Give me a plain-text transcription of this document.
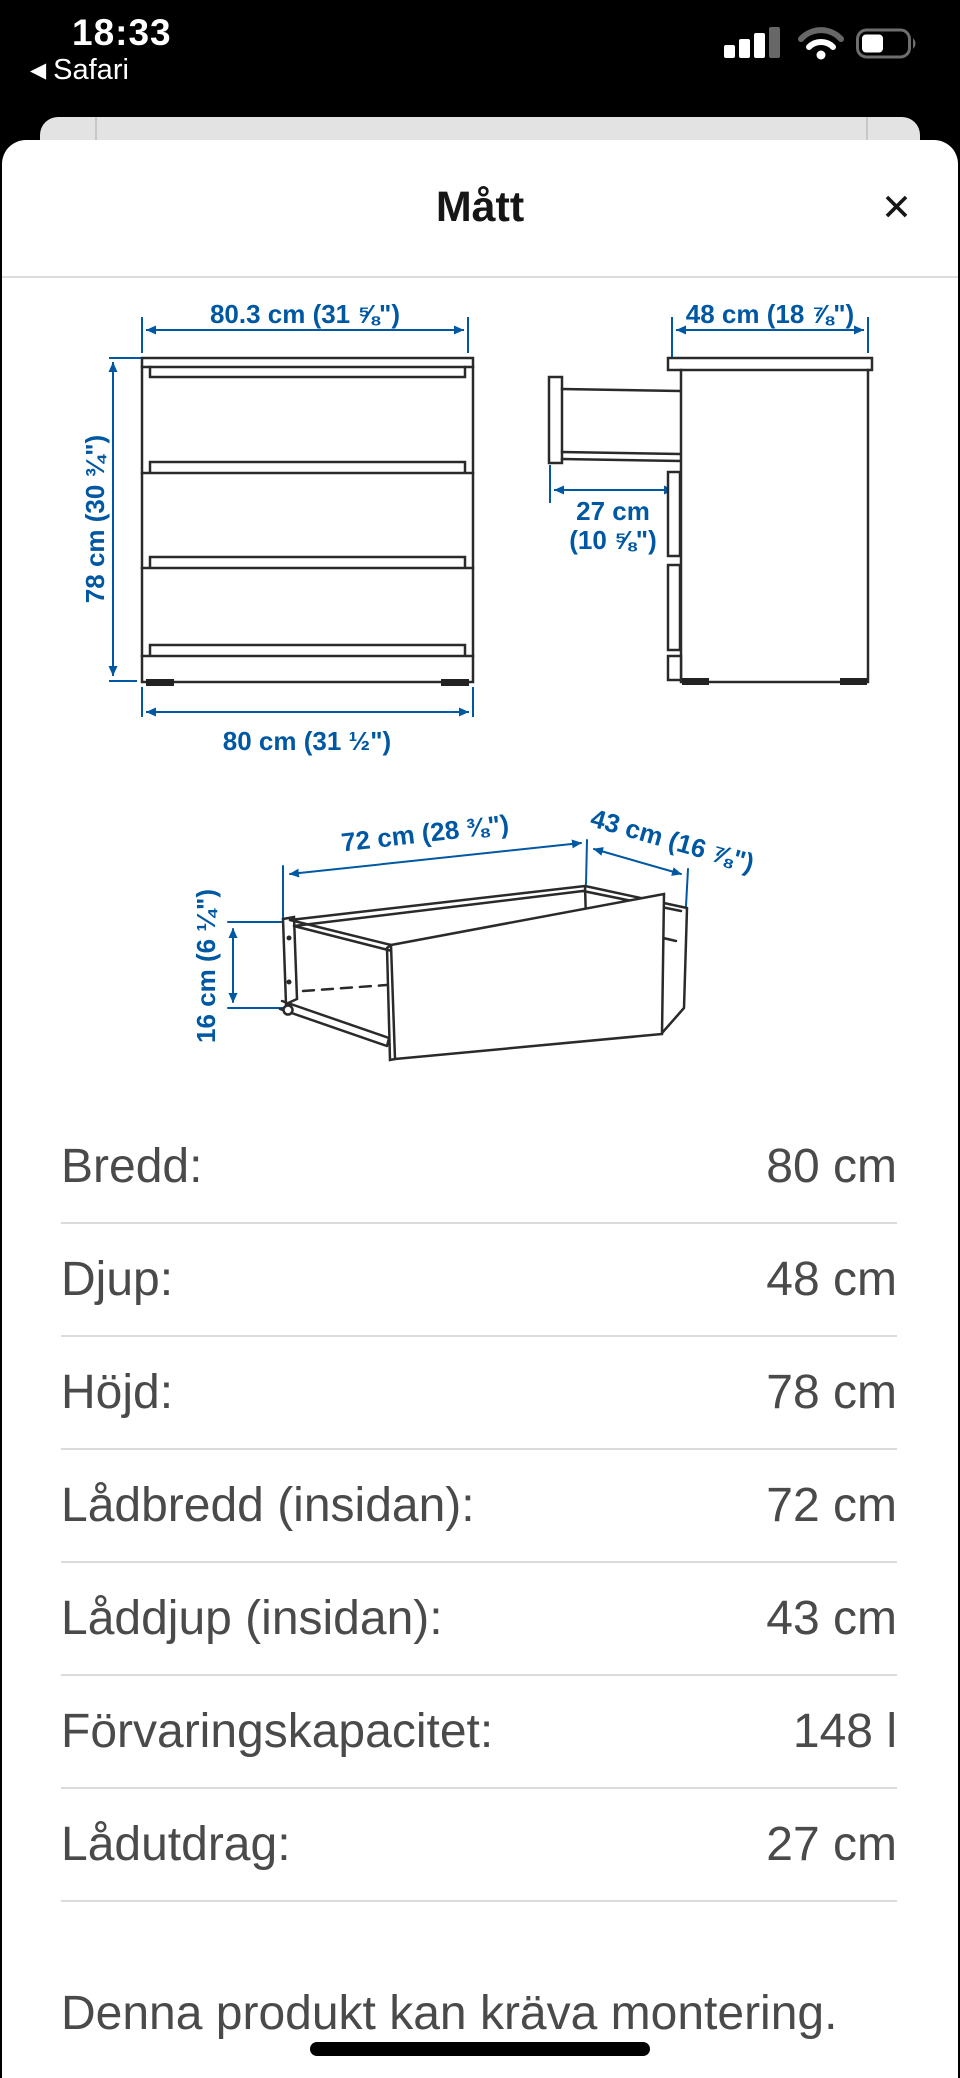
18:33
◀ Safari
Mått	✕
80.3 cm (31 ⅝")
78 cm (30 ¾")
80 cm (31 ½")
48 cm (18 ⅞")
27 cm
(10 ⅝")
72 cm (28 ⅜")	43 cm (16 ⅞")
16 cm (6 ¼")
Bredd:	80 cm
Djup:	48 cm
Höjd:	78 cm
Lådbredd (insidan):	72 cm
Låddjup (insidan):	43 cm
Förvaringskapacitet:	148 l
Lådutdrag:	27 cm

Denna produkt kan kräva montering.
